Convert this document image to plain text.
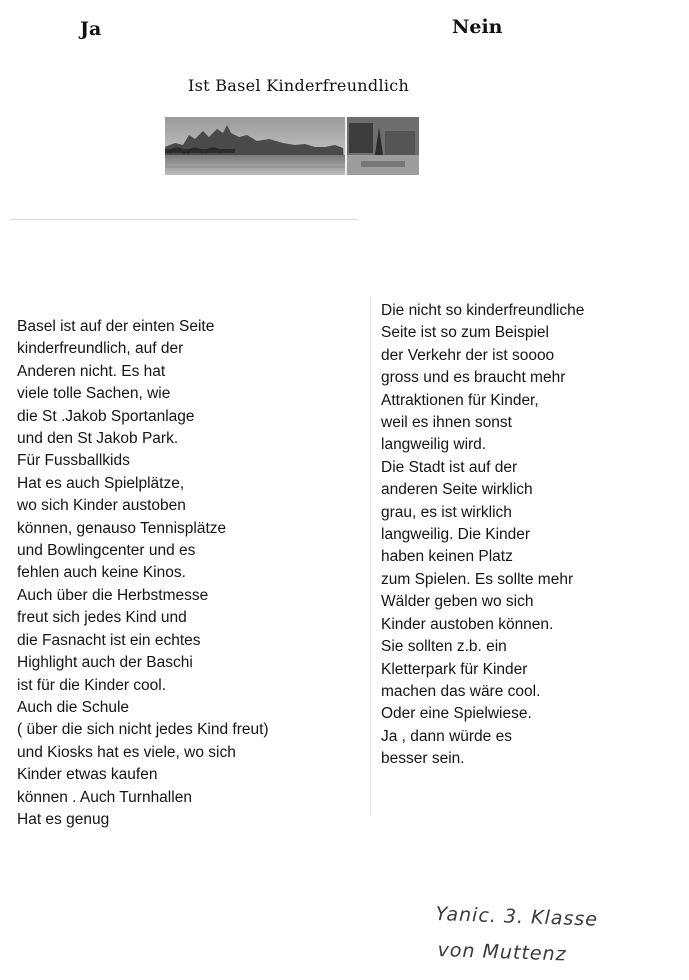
Ja	Nein
Ist Basel Kinderfreundlich
Basel ist auf der einten Seite
kinderfreundlich, auf der
Anderen nicht. Es hat
viele tolle Sachen, wie
die St .Jakob Sportanlage
und den St Jakob Park.
Für Fussballkids
Hat es auch Spielplätze,
wo sich Kinder austoben
können, genauso Tennisplätze
und Bowlingcenter und es
fehlen auch keine Kinos.
Auch über die Herbstmesse
freut sich jedes Kind und
die Fasnacht ist ein echtes
Highlight auch der Baschi
ist für die Kinder cool.
Auch die Schule
( über die sich nicht jedes Kind freut)
und Kiosks hat es viele, wo sich
Kinder etwas kaufen
können . Auch Turnhallen
Hat es genug
Die nicht so kinderfreundliche
Seite ist so zum Beispiel
der Verkehr der ist soooo
gross und es braucht mehr
Attraktionen für Kinder,
weil es ihnen sonst
langweilig wird.
Die Stadt ist auf der
anderen Seite wirklich
grau, es ist wirklich
langweilig. Die Kinder
haben keinen Platz
zum Spielen. Es sollte mehr
Wälder geben wo sich
Kinder austoben können.
Sie sollten z.b. ein
Kletterpark für Kinder
machen das wäre cool.
Oder eine Spielwiese.
Ja , dann würde es
besser sein.
Yanic. 3. Klasse
von Muttenz
